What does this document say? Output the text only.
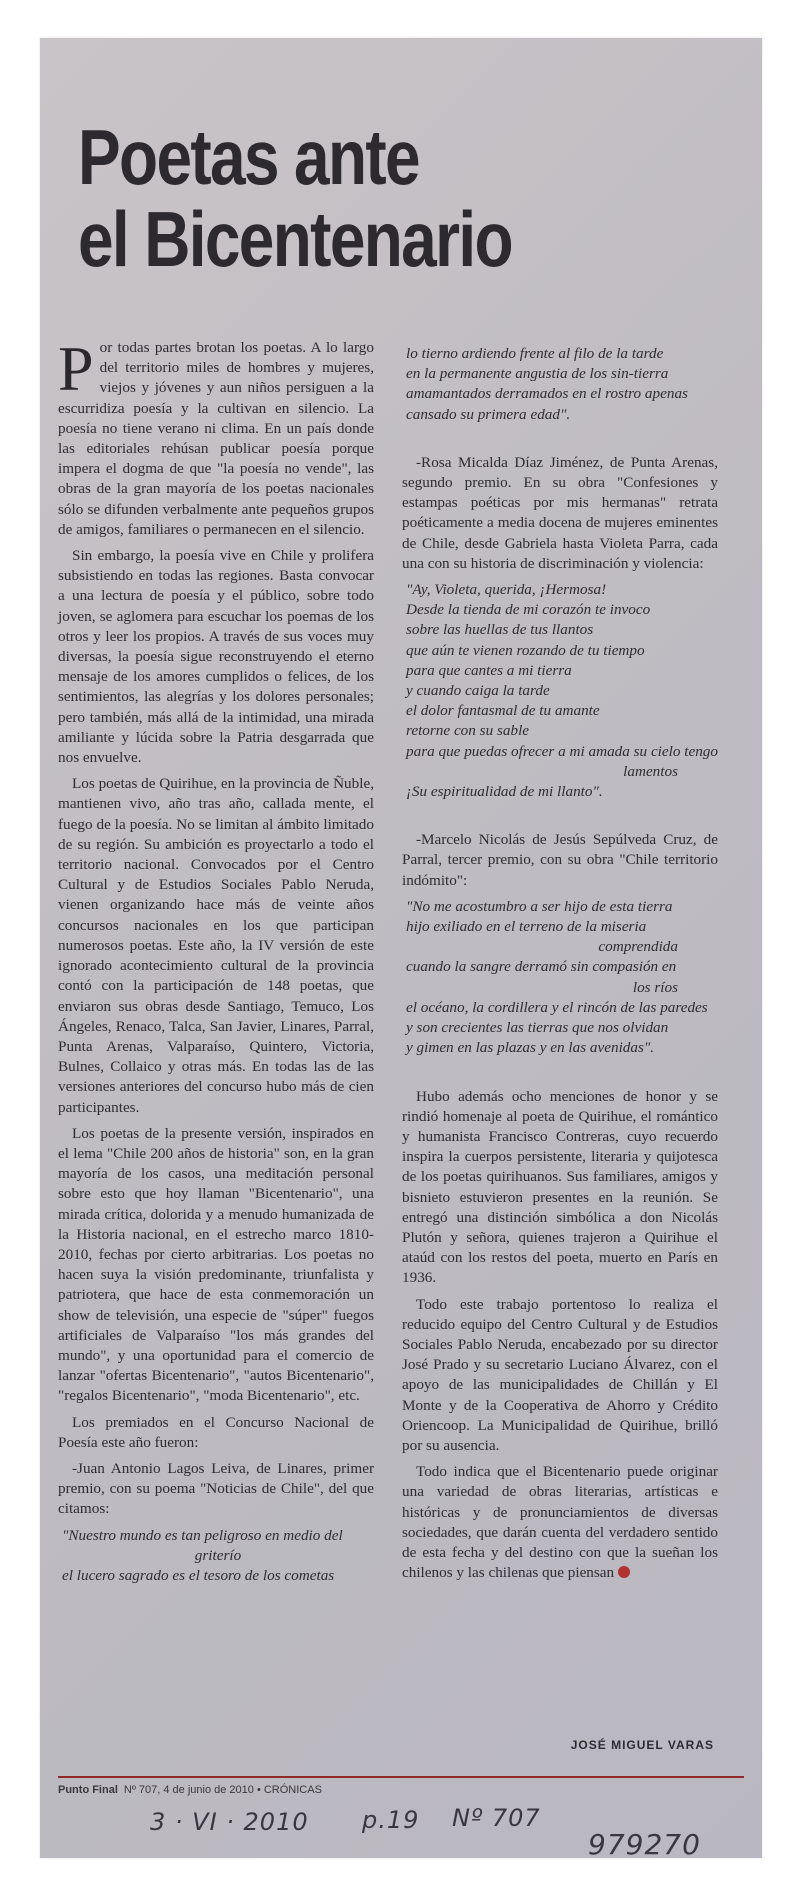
Poetas ante
el Bicentenario

Por todas partes brotan los poetas. A lo largo del territorio miles de hombres y mujeres, viejos y jóvenes y aun niños persiguen a la escurridiza poesía y la cultivan en silencio. La poesía no tiene verano ni clima. En un país donde las editoriales rehúsan publicar poesía porque impera el dogma de que "la poesía no vende", las obras de la gran mayoría de los poetas nacionales sólo se difunden verbalmente ante pequeños grupos de amigos, familiares o permanecen en el silencio.

Sin embargo, la poesía vive en Chile y prolifera subsistiendo en todas las regiones. Basta convocar a una lectura de poesía y el público, sobre todo joven, se aglomera para escuchar los poemas de los otros y leer los propios. A través de sus voces muy diversas, la poesía sigue reconstruyendo el eterno mensaje de los amores cumplidos o felices, de los sentimientos, las alegrías y los dolores personales; pero también, más allá de la intimidad, una mirada amiliante y lúcida sobre la Patria desgarrada que nos envuelve.

Los poetas de Quirihue, en la provincia de Ñuble, mantienen vivo, año tras año, callada mente, el fuego de la poesía. No se limitan al ámbito limitado de su región. Su ambición es proyectarlo a todo el territorio nacional. Convocados por el Centro Cultural y de Estudios Sociales Pablo Neruda, vienen organizando hace más de veinte años concursos nacionales en los que participan numerosos poetas. Este año, la IV versión de este ignorado acontecimiento cultural de la provincia contó con la participación de 148 poetas, que enviaron sus obras desde Santiago, Temuco, Los Ángeles, Renaco, Talca, San Javier, Linares, Parral, Punta Arenas, Valparaíso, Quintero, Victoria, Bulnes, Collaico y otras más. En todas las de las versiones anteriores del concurso hubo más de cien participantes.

Los poetas de la presente versión, inspirados en el lema "Chile 200 años de historia" son, en la gran mayoría de los casos, una meditación personal sobre esto que hoy llaman "Bicentenario", una mirada crítica, dolorida y a menudo humanizada de la Historia nacional, en el estrecho marco 1810-2010, fechas por cierto arbitrarias. Los poetas no hacen suya la visión predominante, triunfalista y patriotera, que hace de esta conmemoración un show de televisión, una especie de "súper" fuegos artificiales de Valparaíso "los más grandes del mundo", y una oportunidad para el comercio de lanzar "ofertas Bicentenario", "autos Bicentenario", "regalos Bicentenario", "moda Bicentenario", etc.

Los premiados en el Concurso Nacional de Poesía este año fueron:

-Juan Antonio Lagos Leiva, de Linares, primer premio, con su poema "Noticias de Chile", del que citamos:

"Nuestro mundo es tan peligroso en medio del
griterío
el lucero sagrado es el tesoro de los cometas
lo tierno ardiendo frente al filo de la tarde
en la permanente angustia de los sin-tierra
amamantados derramados en el rostro apenas
cansado su primera edad".

-Rosa Micalda Díaz Jiménez, de Punta Arenas, segundo premio. En su obra "Confesiones y estampas poéticas por mis hermanas" retrata poéticamente a media docena de mujeres eminentes de Chile, desde Gabriela hasta Violeta Parra, cada una con su historia de discriminación y violencia:

"Ay, Violeta, querida, ¡Hermosa!
Desde la tienda de mi corazón te invoco
sobre las huellas de tus llantos
que aún te vienen rozando de tu tiempo
para que cantes a mi tierra
y cuando caiga la tarde
el dolor fantasmal de tu amante
retorne con su sable
para que puedas ofrecer a mi amada su cielo tengo
lamentos
¡Su espiritualidad de mi llanto".

-Marcelo Nicolás de Jesús Sepúlveda Cruz, de Parral, tercer premio, con su obra "Chile territorio indómito":

"No me acostumbro a ser hijo de esta tierra
hijo exiliado en el terreno de la miseria
comprendida
cuando la sangre derramó sin compasión en
los ríos
el océano, la cordillera y el rincón de las paredes
y son crecientes las tierras que nos olvidan
y gimen en las plazas y en las avenidas".

Hubo además ocho menciones de honor y se rindió homenaje al poeta de Quirihue, el romántico y humanista Francisco Contreras, cuyo recuerdo inspira la cuerpos persistente, literaria y quijotesca de los poetas quirihuanos. Sus familiares, amigos y bisnieto estuvieron presentes en la reunión. Se entregó una distinción simbólica a don Nicolás Plutón y señora, quienes trajeron a Quirihue el ataúd con los restos del poeta, muerto en París en 1936.

Todo este trabajo portentoso lo realiza el reducido equipo del Centro Cultural y de Estudios Sociales Pablo Neruda, encabezado por su director José Prado y su secretario Luciano Álvarez, con el apoyo de las municipalidades de Chillán y El Monte y de la Cooperativa de Ahorro y Crédito Oriencoop. La Municipalidad de Quirihue, brilló por su ausencia.

Todo indica que el Bicentenario puede originar una variedad de obras literarias, artísticas e históricas y de pronunciamientos de diversas sociedades, que darán cuenta del verdadero sentido de esta fecha y del destino con que la sueñan los chilenos y las chilenas que piensan

JOSÉ MIGUEL VARAS
Punto Final Nº 707, 4 de junio de 2010 • CRÓNICAS
3 · VI · 2010 p.19 Nº 707
979270
